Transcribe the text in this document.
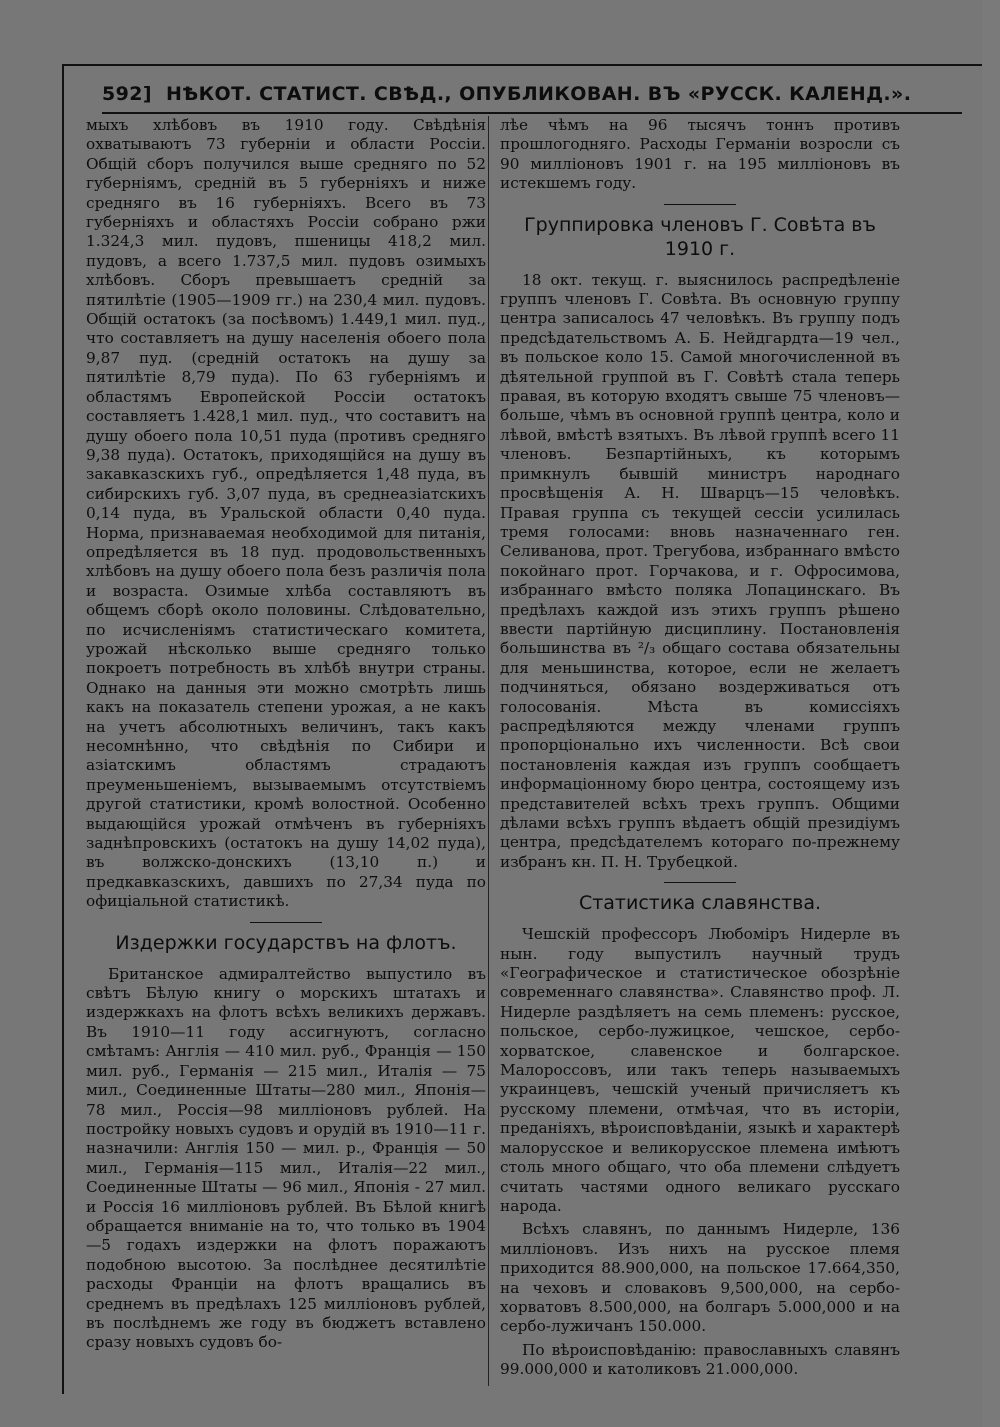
592] НѢКОТ. СТАТИСТ. СВѢД., ОПУБЛИКОВАН. ВЪ «РУССК. КАЛЕНД.».

мыхъ хлѣбовъ въ 1910 году. Свѣдѣнія охватываютъ 73 губерніи и области Россіи. Общій сборъ получился выше средняго по 52 губерніямъ, средній въ 5 губерніяхъ и ниже средняго въ 16 губерніяхъ. Всего въ 73 губерніяхъ и областяхъ Россіи собрано ржи 1.324,3 мил. пудовъ, пшеницы 418,2 мил. пудовъ, а всего 1.737,5 мил. пудовъ озимыхъ хлѣбовъ. Сборъ превышаетъ средній за пятилѣтіе (1905—1909 гг.) на 230,4 мил. пудовъ. Общій остатокъ (за посѣвомъ) 1.449,1 мил. пуд., что составляетъ на душу населенія обоего пола 9,87 пуд. (средній остатокъ на душу за пятилѣтіе 8,79 пуда). По 63 губерніямъ и областямъ Европейской Россіи остатокъ составляетъ 1.428,1 мил. пуд., что составитъ на душу обоего пола 10,51 пуда (противъ средняго 9,38 пуда). Остатокъ, приходящійся на душу въ закавказскихъ губ., опредѣляется 1,48 пуда, въ сибирскихъ губ. 3,07 пуда, въ среднеазіатскихъ 0,14 пуда, въ Уральской области 0,40 пуда. Норма, признаваемая необходимой для питанія, опредѣляется въ 18 пуд. продовольственныхъ хлѣбовъ на душу обоего пола безъ различія пола и возраста. Озимые хлѣба составляютъ въ общемъ сборѣ около половины. Слѣдовательно, по исчисленіямъ статистическаго комитета, урожай нѣсколько выше средняго только покроетъ потребность въ хлѣбѣ внутри страны. Однако на данныя эти можно смотрѣть лишь какъ на показатель степени урожая, а не какъ на учетъ абсолютныхъ величинъ, такъ какъ несомнѣнно, что свѣдѣнія по Сибири и азіатскимъ областямъ страдаютъ преуменьшеніемъ, вызываемымъ отсутствіемъ другой статистики, кромѣ волостной. Особенно выдающійся урожай отмѣченъ въ губерніяхъ заднѣпровскихъ (остатокъ на душу 14,02 пуда), въ волжско-донскихъ (13,10 п.) и предкавказскихъ, давшихъ по 27,34 пуда по офиціальной статистикѣ.

Издержки государствъ на флотъ.

Британское адмиралтейство выпустило въ свѣтъ Бѣлую книгу о морскихъ штатахъ и издержкахъ на флотъ всѣхъ великихъ державъ. Въ 1910—11 году ассигнуютъ, согласно смѣтамъ: Англія — 410 мил. руб., Франція — 150 мил. руб., Германія — 215 мил., Италія — 75 мил., Соединенные Штаты—280 мил., Японія—78 мил., Россія—98 милліоновъ рублей. На постройку новыхъ судовъ и орудій въ 1910—11 г. назначили: Англія 150 — мил. р., Франція — 50 мил., Германія—115 мил., Италія—22 мил., Соединенные Штаты — 96 мил., Японія - 27 мил. и Россія 16 милліоновъ рублей. Въ Бѣлой книгѣ обращается вниманіе на то, что только въ 1904—5 годахъ издержки на флотъ поражаютъ подобною высотою. За послѣднее десятилѣтіе расходы Франціи на флотъ вращались въ среднемъ въ предѣлахъ 125 милліоновъ рублей, въ послѣднемъ же году въ бюджетъ вставлено сразу новыхъ судовъ бо-

лѣе чѣмъ на 96 тысячъ тоннъ противъ прошлогодняго. Расходы Германіи возросли съ 90 милліоновъ 1901 г. на 195 милліоновъ въ истекшемъ году.

Группировка членовъ Г. Совѣта въ 1910 г.

18 окт. текущ. г. выяснилось распредѣленіе группъ членовъ Г. Совѣта. Въ основную группу центра записалось 47 человѣкъ. Въ группу подъ предсѣдательствомъ А. Б. Нейдгардта—19 чел., въ польское коло 15. Самой многочисленной въ дѣятельной группой въ Г. Совѣтѣ стала теперь правая, въ которую входятъ свыше 75 членовъ—больше, чѣмъ въ основной группѣ центра, коло и лѣвой, вмѣстѣ взятыхъ. Въ лѣвой группѣ всего 11 членовъ. Безпартійныхъ, къ которымъ примкнулъ бывшій министръ народнаго просвѣщенія А. Н. Шварцъ—15 человѣкъ. Правая группа съ текущей сессіи усилилась тремя голосами: вновь назначеннаго ген. Селиванова, прот. Трегубова, избраннаго вмѣсто покойнаго прот. Горчакова, и г. Офросимова, избраннаго вмѣсто поляка Лопацинскаго. Въ предѣлахъ каждой изъ этихъ группъ рѣшено ввести партійную дисциплину. Постановленія большинства въ ²/₃ общаго состава обязательны для меньшинства, которое, если не желаетъ подчиняться, обязано воздерживаться отъ голосованія. Мѣста въ комиссіяхъ распредѣляются между членами группъ пропорціонально ихъ численности. Всѣ свои постановленія каждая изъ группъ сообщаетъ информаціонному бюро центра, состоящему изъ представителей всѣхъ трехъ группъ. Общими дѣлами всѣхъ группъ вѣдаетъ общій президіумъ центра, предсѣдателемъ котораго по-прежнему избранъ кн. П. Н. Трубецкой.

Статистика славянства.

Чешскій профессоръ Любоміръ Нидерле въ нын. году выпустилъ научный трудъ «Географическое и статистическое обозрѣніе современнаго славянства». Славянство проф. Л. Нидерле раздѣляетъ на семь племенъ: русское, польское, сербо-лужицкое, чешское, сербо-хорватское, славенское и болгарское. Малороссовъ, или такъ теперь называемыхъ украинцевъ, чешскій ученый причисляетъ къ русскому племени, отмѣчая, что въ исторіи, преданіяхъ, вѣроисповѣданіи, языкѣ и характерѣ малорусское и великорусское племена имѣютъ столь много общаго, что оба племени слѣдуетъ считать частями одного великаго русскаго народа.

Всѣхъ славянъ, по даннымъ Нидерле, 136 милліоновъ. Изъ нихъ на русское племя приходится 88.900,000, на польское 17.664,350, на чеховъ и словаковъ 9,500,000, на сербо-хорватовъ 8.500,000, на болгаръ 5.000,000 и на сербо-лужичанъ 150.000.

По вѣроисповѣданію: православныхъ славянъ 99.000,000 и католиковъ 21.000,000.
